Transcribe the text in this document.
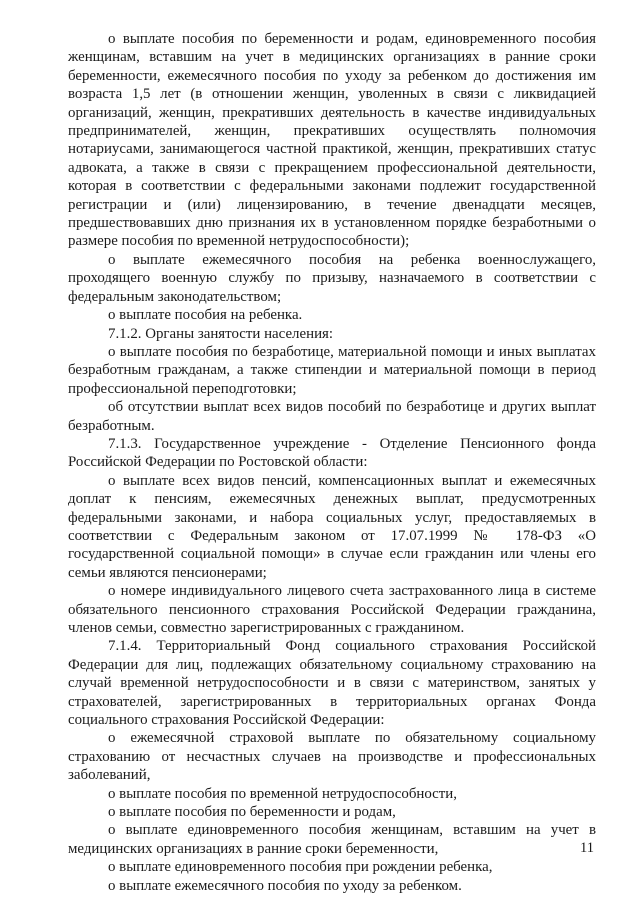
о выплате пособия по беременности и родам, единовременного пособия женщинам, вставшим на учет в медицинских организациях в ранние сроки беременности, ежемесячного пособия по уходу за ребенком до достижения им возраста 1,5 лет (в отношении женщин, уволенных в связи с ликвидацией организаций, женщин, прекративших деятельность в качестве индивидуальных предпринимателей, женщин, прекративших осуществлять полномочия нотариусами, занимающегося частной практикой, женщин, прекративших статус адвоката, а также в связи с прекращением профессиональной деятельности, которая в соответствии с федеральными законами подлежит государственной регистрации и (или) лицензированию, в течение двенадцати месяцев, предшествовавших дню признания их в установленном порядке безработными о размере пособия по временной нетрудоспособности);

о выплате ежемесячного пособия на ребенка военнослужащего, проходящего военную службу по призыву, назначаемого в соответствии с федеральным законодательством;

о выплате пособия на ребенка.

7.1.2. Органы занятости населения:

о выплате пособия по безработице, материальной помощи и иных выплатах безработным гражданам, а также стипендии и материальной помощи в период профессиональной переподготовки;

об отсутствии выплат всех видов пособий по безработице и других выплат безработным.

7.1.3. Государственное учреждение - Отделение Пенсионного фонда Российской Федерации по Ростовской области:

о выплате всех видов пенсий, компенсационных выплат и ежемесячных доплат к пенсиям, ежемесячных денежных выплат, предусмотренных федеральными законами, и набора социальных услуг, предоставляемых в соответствии с Федеральным законом от 17.07.1999 № 178-ФЗ «О государственной социальной помощи» в случае если гражданин или члены его семьи являются пенсионерами;

о номере индивидуального лицевого счета застрахованного лица в системе обязательного пенсионного страхования Российской Федерации гражданина, членов семьи, совместно зарегистрированных с гражданином.

7.1.4. Территориальный Фонд социального страхования Российской Федерации для лиц, подлежащих обязательному социальному страхованию на случай временной нетрудоспособности и в связи с материнством, занятых у страхователей, зарегистрированных в территориальных органах Фонда социального страхования Российской Федерации:

о ежемесячной страховой выплате по обязательному социальному страхованию от несчастных случаев на производстве и профессиональных заболеваний,

о выплате пособия по временной нетрудоспособности,

о выплате пособия по беременности и родам,

о выплате единовременного пособия женщинам, вставшим на учет в медицинских организациях в ранние сроки беременности,

о выплате единовременного пособия при рождении ребенка,

о выплате ежемесячного пособия по уходу за ребенком.

11
